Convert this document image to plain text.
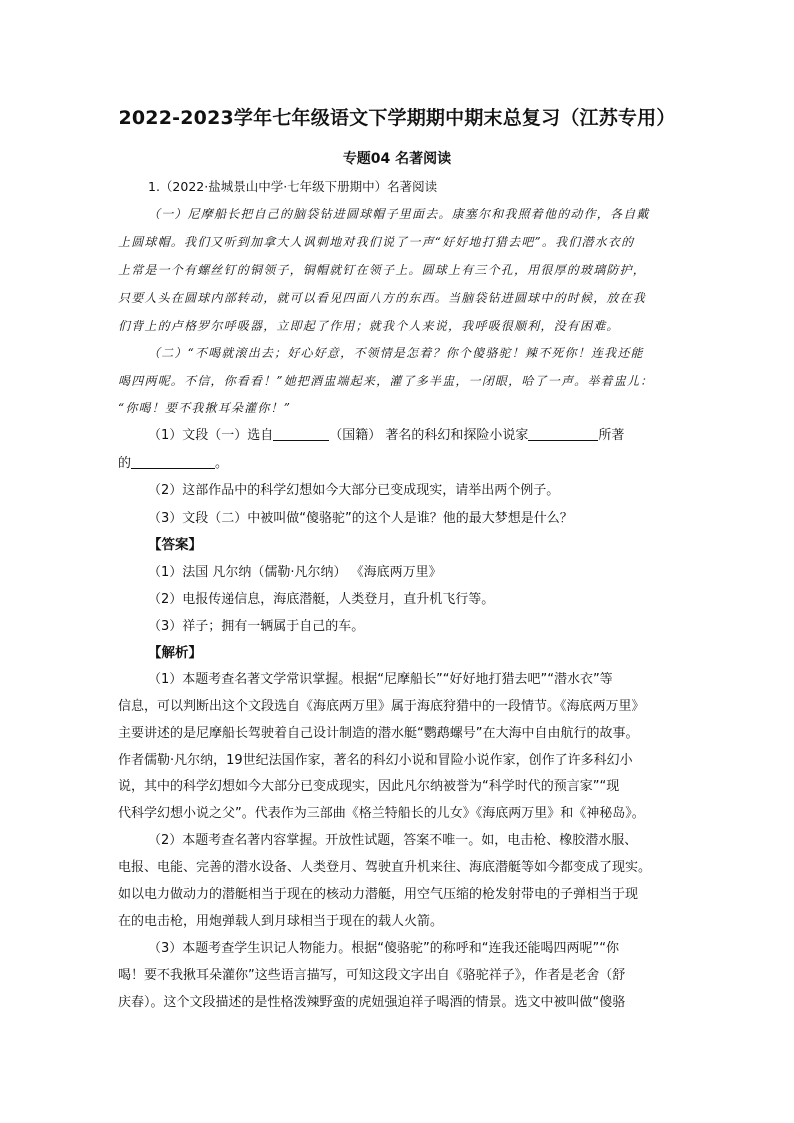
2022-2023学年七年级语文下学期期中期末总复习（江苏专用）
专题04 名著阅读
1.（2022·盐城景山中学·七年级下册期中）名著阅读
（一）尼摩船长把自己的脑袋钻进圆球帽子里面去。康塞尔和我照着他的动作，各自戴
上圆球帽。我们又听到加拿大人讽刺地对我们说了一声“好好地打猎去吧”。我们潜水衣的
上常是一个有螺丝钉的铜领子，铜帽就钉在领子上。圆球上有三个孔，用很厚的玻璃防护，
只要人头在圆球内部转动，就可以看见四面八方的东西。当脑袋钻进圆球中的时候，放在我
们背上的卢格罗尔呼吸器，立即起了作用；就我个人来说，我呼吸很顺利，没有困难。
（二）“不喝就滚出去；好心好意，不领情是怎着？你个傻骆驼！辣不死你！连我还能
喝四两呢。不信，你看看！”她把酒盅端起来，灌了多半盅，一闭眼，哈了一声。举着盅儿：
“你喝！要不我揪耳朵灌你！”
（1）文段（一）选自	（国籍） 著名的科幻和探险小说家	所著
的	。
（2）这部作品中的科学幻想如今大部分已变成现实，请举出两个例子。
（3）文段（二）中被叫做“傻骆驼”的这个人是谁？他的最大梦想是什么？
【答案】
（1）法国 凡尔纳（儒勒·凡尔纳） 《海底两万里》
（2）电报传递信息，海底潜艇，人类登月，直升机飞行等。
（3）祥子；拥有一辆属于自己的车。
【解析】
（1）本题考查名著文学常识掌握。根据“尼摩船长”“好好地打猎去吧”“潜水衣”等
信息，可以判断出这个文段选自《海底两万里》属于海底狩猎中的一段情节。《海底两万里》
主要讲述的是尼摩船长驾驶着自己设计制造的潜水艇“鹦鹉螺号”在大海中自由航行的故事。
作者儒勒·凡尔纳，19世纪法国作家，著名的科幻小说和冒险小说作家，创作了许多科幻小
说，其中的科学幻想如今大部分已变成现实，因此凡尔纳被誉为“科学时代的预言家”“现
代科学幻想小说之父”。代表作为三部曲《格兰特船长的儿女》《海底两万里》和《神秘岛》。
（2）本题考查名著内容掌握。开放性试题，答案不唯一。如，电击枪、橡胶潜水服、
电报、电能、完善的潜水设备、人类登月、驾驶直升机来往、海底潜艇等如今都变成了现实。
如以电力做动力的潜艇相当于现在的核动力潜艇，用空气压缩的枪发射带电的子弹相当于现
在的电击枪，用炮弹载人到月球相当于现在的载人火箭。
（3）本题考查学生识记人物能力。根据“傻骆驼”的称呼和“连我还能喝四两呢”“你
喝！要不我揪耳朵灌你”这些语言描写，可知这段文字出自《骆驼祥子》，作者是老舍（舒
庆春）。这个文段描述的是性格泼辣野蛮的虎妞强迫祥子喝酒的情景。选文中被叫做“傻骆
